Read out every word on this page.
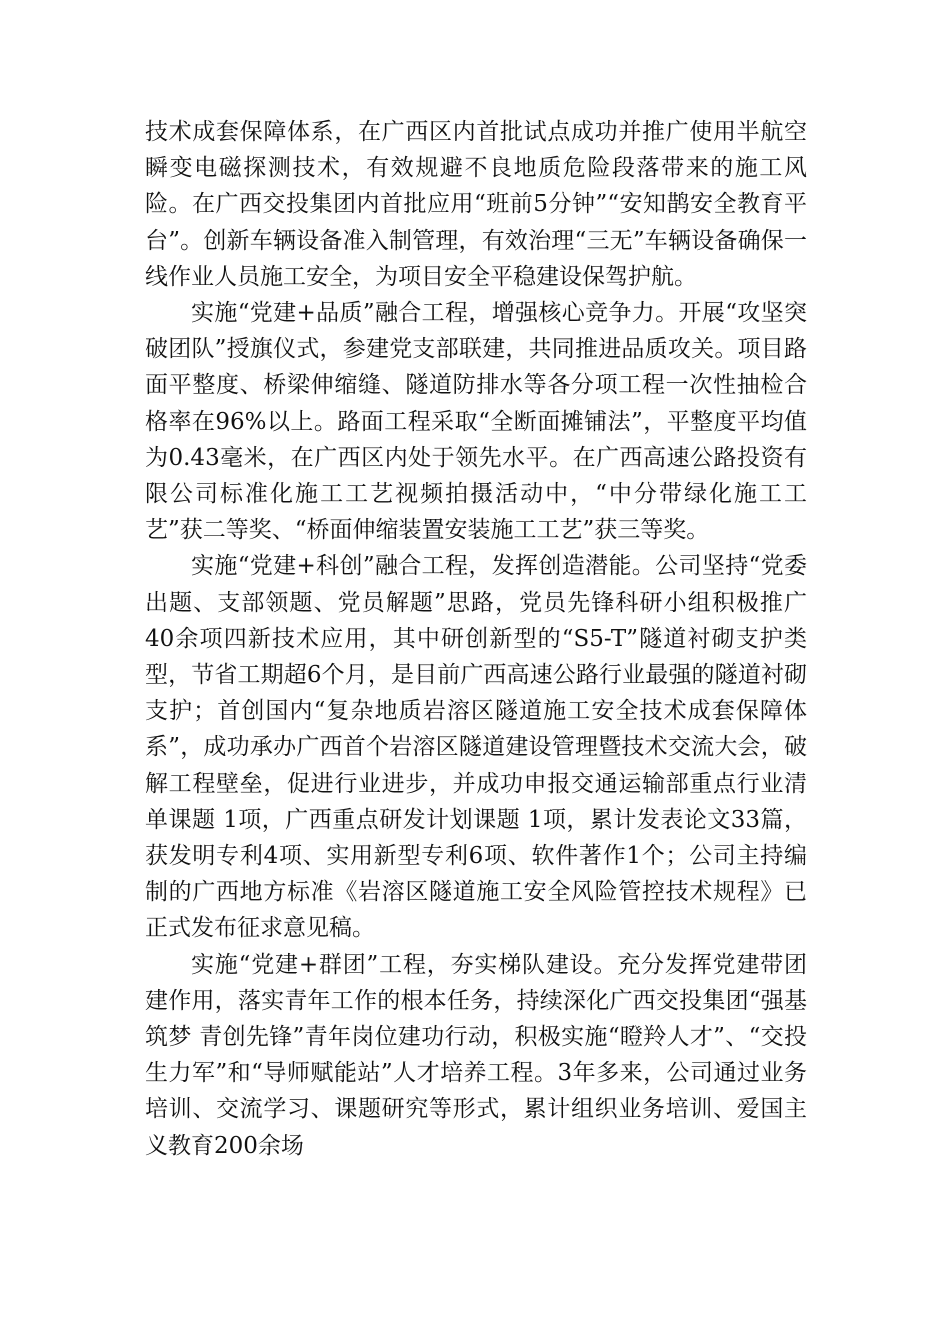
技术成套保障体系，在广西区内首批试点成功并推广使用半航空瞬变电磁探测技术，有效规避不良地质危险段落带来的施工风险。在广西交投集团内首批应用“班前5分钟”“安知鹊安全教育平台”。创新车辆设备准入制管理，有效治理“三无”车辆设备确保一线作业人员施工安全，为项目安全平稳建设保驾护航。

实施“党建+品质”融合工程，增强核心竞争力。开展“攻坚突破团队”授旗仪式，参建党支部联建，共同推进品质攻关。项目路面平整度、桥梁伸缩缝、隧道防排水等各分项工程一次性抽检合格率在96%以上。路面工程采取“全断面摊铺法”，平整度平均值为0.43毫米，在广西区内处于领先水平。在广西高速公路投资有限公司标准化施工工艺视频拍摄活动中，“中分带绿化施工工艺”获二等奖、“桥面伸缩装置安装施工工艺”获三等奖。

实施“党建+科创”融合工程，发挥创造潜能。公司坚持“党委出题、支部领题、党员解题”思路，党员先锋科研小组积极推广40余项四新技术应用，其中研创新型的“S5-T”隧道衬砌支护类型，节省工期超6个月，是目前广西高速公路行业最强的隧道衬砌支护；首创国内“复杂地质岩溶区隧道施工安全技术成套保障体系”，成功承办广西首个岩溶区隧道建设管理暨技术交流大会，破解工程壁垒，促进行业进步，并成功申报交通运输部重点行业清单课题 1项，广西重点研发计划课题 1项，累计发表论文33篇，获发明专利4项、实用新型专利6项、软件著作1个；公司主持编制的广西地方标准《岩溶区隧道施工安全风险管控技术规程》已正式发布征求意见稿。

实施“党建+群团”工程，夯实梯队建设。充分发挥党建带团建作用，落实青年工作的根本任务，持续深化广西交投集团“强基筑梦 青创先锋”青年岗位建功行动，积极实施“瞪羚人才”、“交投生力军”和“导师赋能站”人才培养工程。3年多来，公司通过业务培训、交流学习、课题研究等形式，累计组织业务培训、爱国主义教育200余场
